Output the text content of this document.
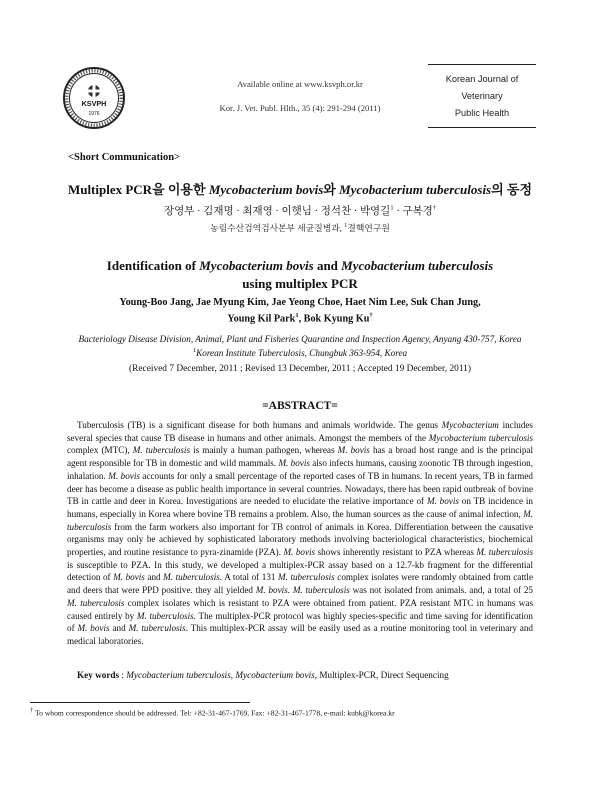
KSVPH
1976
Available online at www.ksvph.or.kr
Kor. J. Vet. Publ. Hlth., 35 (4): 291-294 (2011)
Korean Journal of
Veterinary
Public Health
<Short Communication>
Multiplex PCR을 이용한 Mycobacterium bovis와 Mycobacterium tuberculosis의 동정
장영부 · 김재명 · 최재영 · 이햇님 · 정석찬 · 박영길$^1$ · 구복경†
농림수산검역검사본부 세균질병과, $^1$결핵연구원
Identification of Mycobacterium bovis and Mycobacterium tuberculosis
using multiplex PCR
Young-Boo Jang, Jae Myung Kim, Jae Yeong Choe, Haet Nim Lee, Suk Chan Jung,
Young Kil Park$^1$, Bok Kyung Ku†
Bacteriology Disease Division, Animal, Plant and Fisheries Quarantine and Inspection Agency, Anyang 430-757, Korea
$^1$Korean Institute Tuberculosis, Chungbuk 363-954, Korea
(Received 7 December, 2011 ; Revised 13 December, 2011 ; Accepted 19 December, 2011)
=ABSTRACT=

Tuberculosis (TB) is a significant disease for both humans and animals worldwide. The genus Mycobacterium includes several species that cause TB disease in humans and other animals. Amongst the members of the Mycobacterium tuberculosis complex (MTC), M. tuberculosis is mainly a human pathogen, whereas M. bovis has a broad host range and is the principal agent responsible for TB in domestic and wild mammals. M. bovis also infects humans, causing zoonotic TB through ingestion, inhalation. M. bovis accounts for only a small percentage of the reported cases of TB in humans. In recent years, TB in farmed deer has become a disease as public health importance in several countries. Nowadays, there has been rapid outbreak of bovine TB in cattle and deer in Korea. Investigations are needed to elucidate the relative importance of M. bovis on TB incidence in humans, especially in Korea where bovine TB remains a problem. Also, the human sources as the cause of animal infection, M. tuberculosis from the farm workers also important for TB control of animals in Korea. Differentiation between the causative organisms may only be achieved by sophisticated laboratory methods involving bacteriological characteristics, biochemical properties, and routine resistance to pyra-zinamide (PZA). M. bovis shows inherently resistant to PZA whereas M. tuberculosis is susceptible to PZA. In this study, we developed a multiplex-PCR assay based on a 12.7-kb fragment for the differential detection of M. bovis and M. tuberculosis. A total of 131 M. tuberculosis complex isolates were randomly obtained from cattle and deers that were PPD positive. they all yielded M. bovis. M. tuberculosis was not isolated from animals. and, a total of 25 M. tuberculosis complex isolates which is resistant to PZA were obtained from patient. PZA resistant MTC in humans was caused entirely by M. tuberculosis. The multiplex-PCR protocol was highly species-specific and time saving for identification of M. bovis and M. tuberculosis. This multiplex-PCR assay will be easily used as a routine monitoring tool in veterinary and medical laboratories.

Key words : Mycobacterium tuberculosis, Mycobacterium bovis, Multiplex-PCR, Direct Sequencing
† To whom correspondence should be addressed. Tel: +82-31-467-1769, Fax: +82-31-467-1778, e-mail: kubk@korea.kr
